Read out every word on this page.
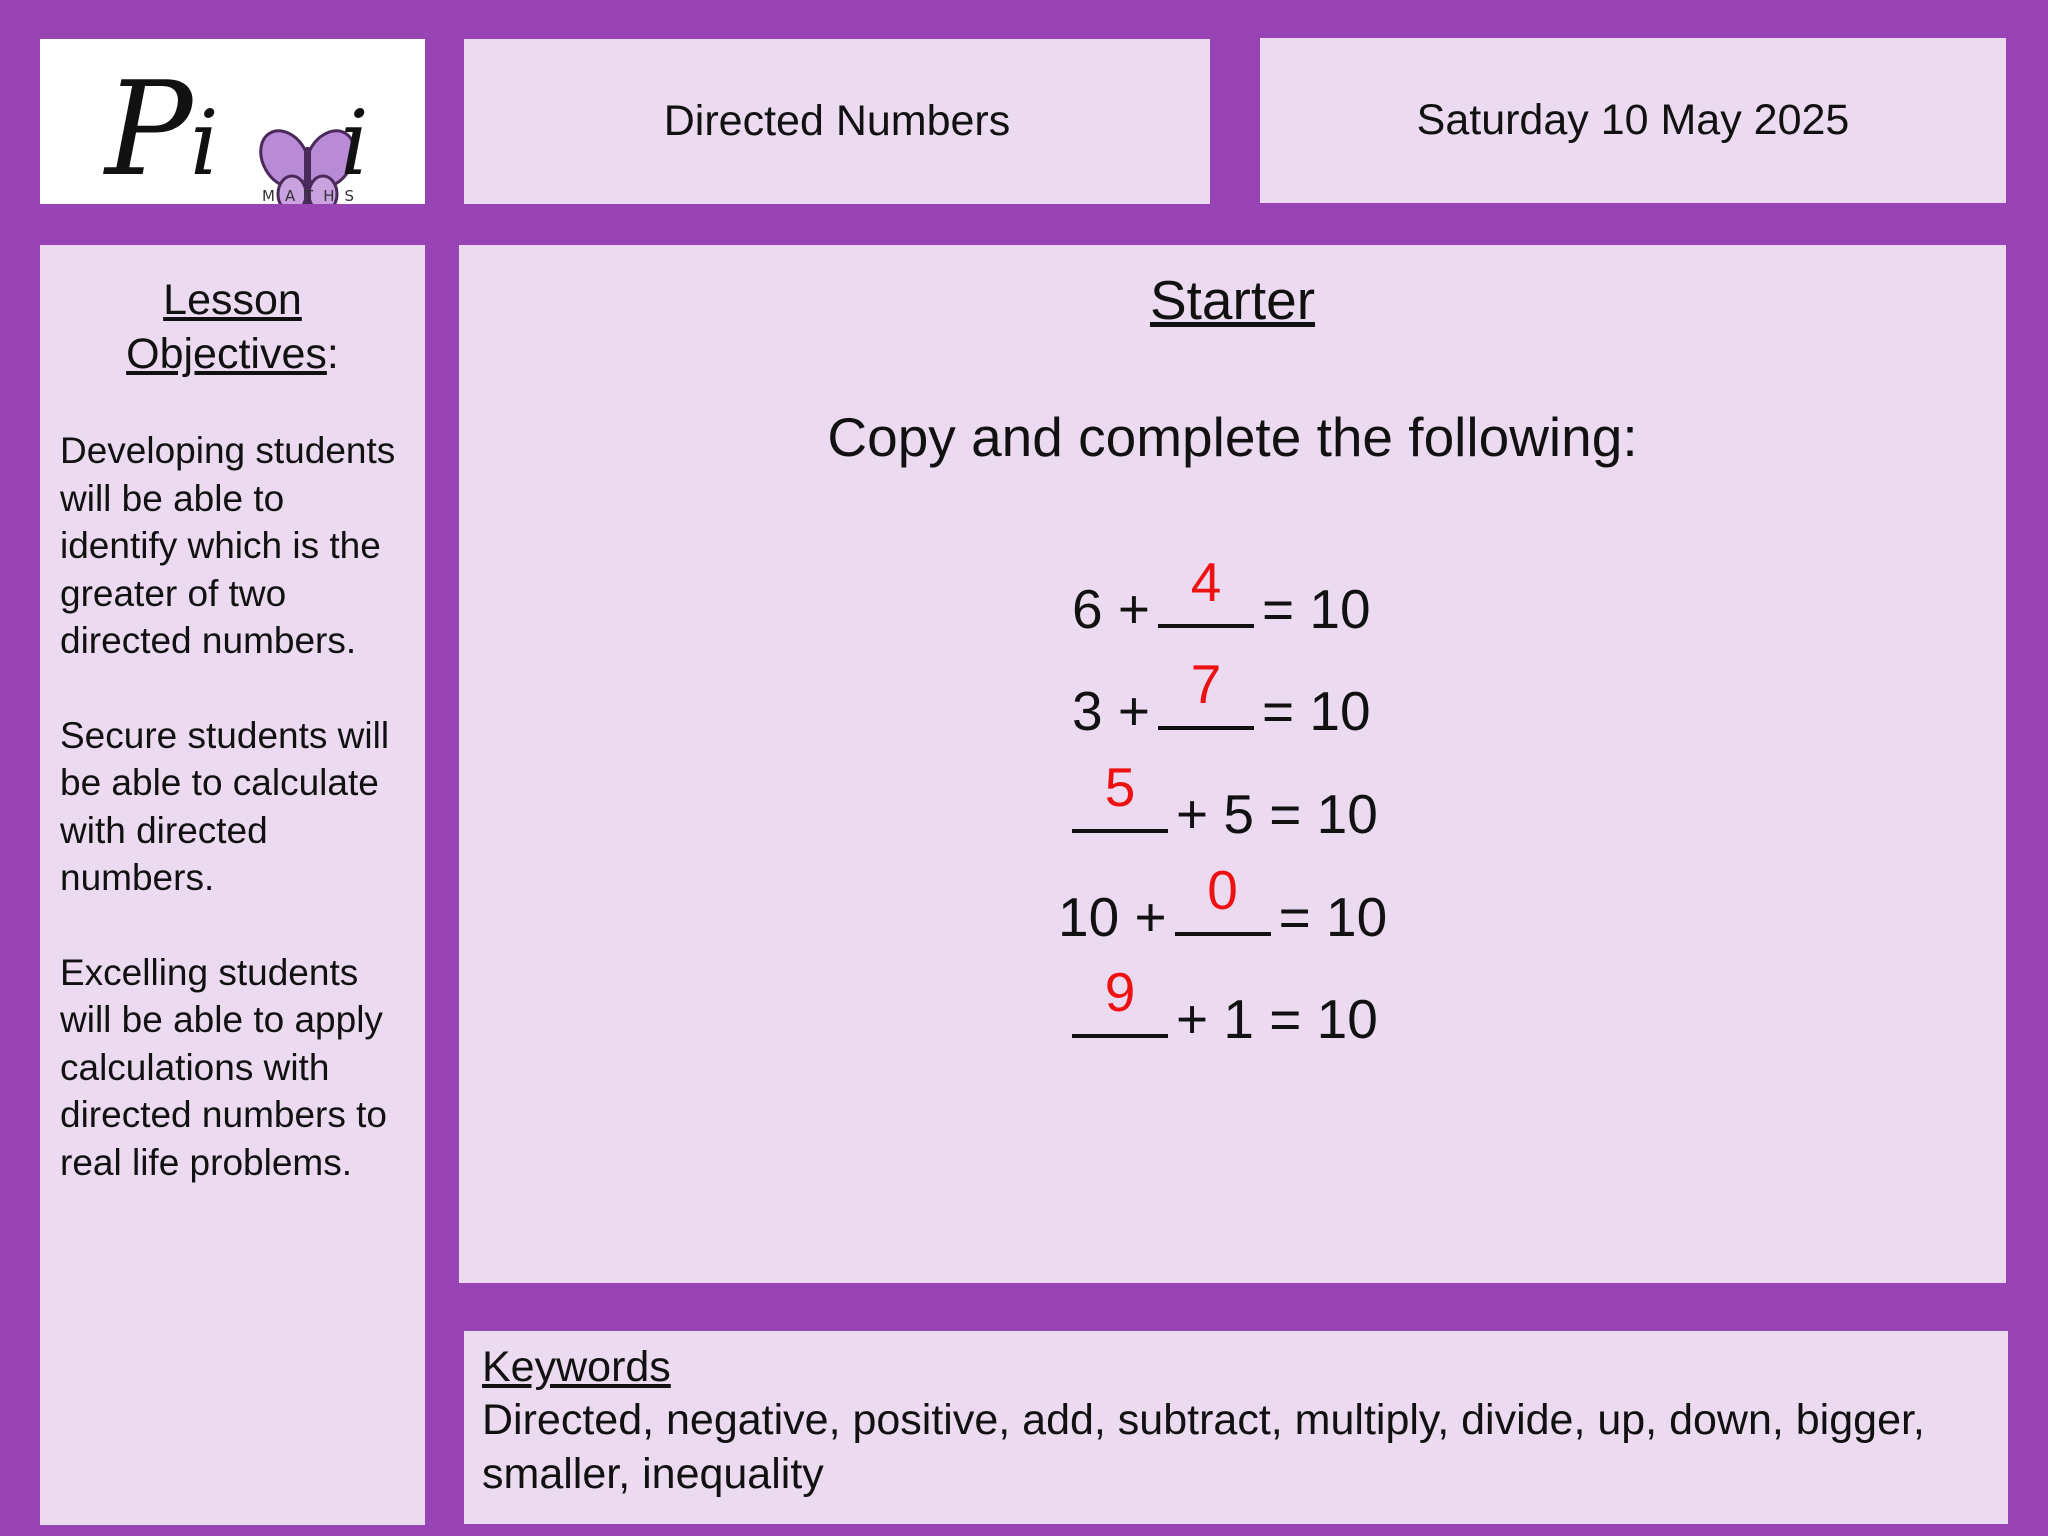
P
i i
MATHS
Directed Numbers	Saturday 10 May 2025
Lesson
Objectives:
Developing students will be able to identify which is the greater of two directed numbers.
Secure students will be able to calculate with directed numbers.
Excelling students will be able to apply calculations with directed numbers to real life problems.
Starter
Copy and complete the following:
6 + 4 = 10
3 + 7 = 10
5 + 5 = 10
10 + 0 = 10
9 + 1 = 10
Keywords
Directed, negative, positive, add, subtract, multiply, divide, up, down, bigger, smaller, inequality
